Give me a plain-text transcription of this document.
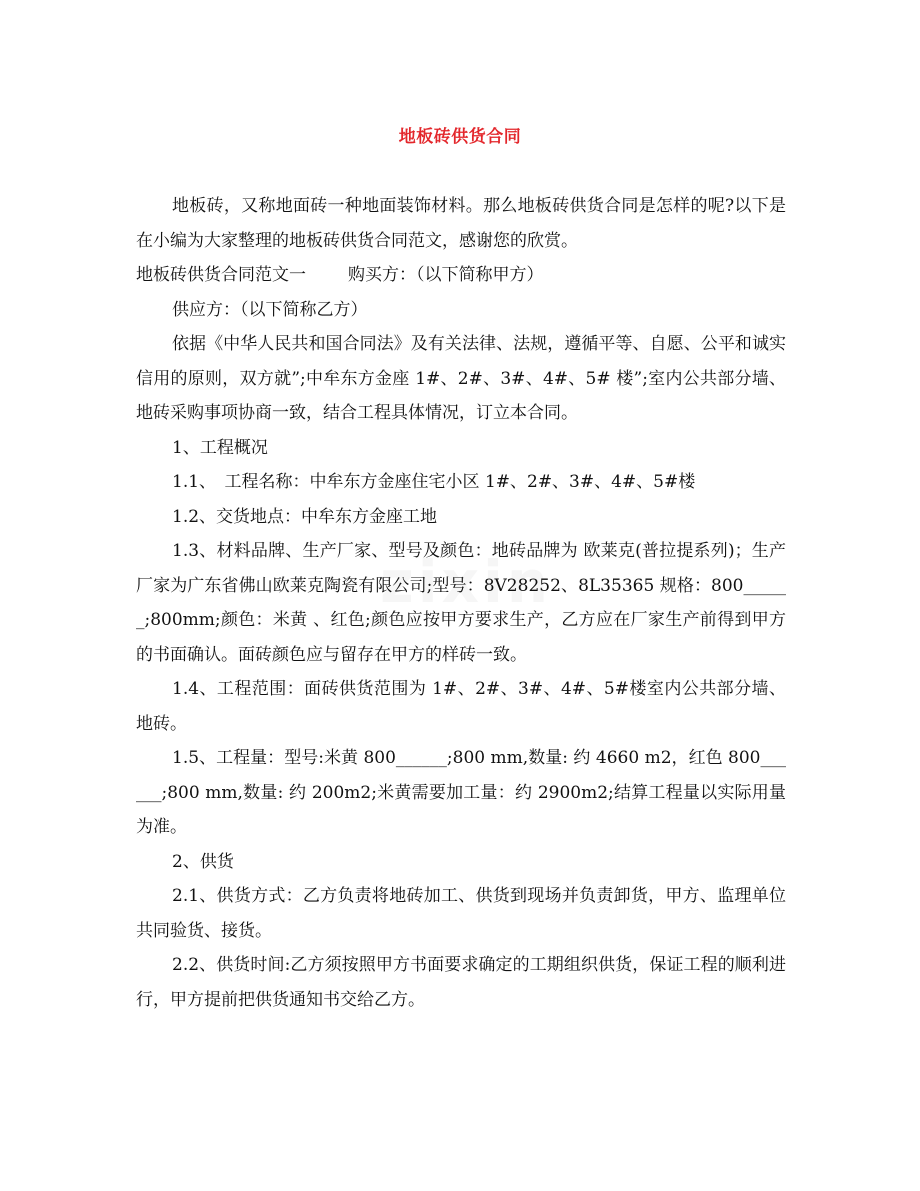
zixin
地板砖供货合同

地板砖，又称地面砖一种地面装饰材料。那么地板砖供货合同是怎样的呢?以下是在小编为大家整理的地板砖供货合同范文，感谢您的欣赏。

地板砖供货合同范文一 购买方：（以下简称甲方）

供应方：（以下简称乙方）

依据《中华人民共和国合同法》及有关法律、法规，遵循平等、自愿、公平和诚实信用的原则，双方就”;中牟东方金座 1#、2#、3#、4#、5# 楼”;室内公共部分墙、地砖采购事项协商一致，结合工程具体情况，订立本合同。

1、工程概况

1.1、　工程名称：中牟东方金座住宅小区 1#、2#、3#、4#、5#楼

1.2、交货地点：中牟东方金座工地

1.3、材料品牌、生产厂家、型号及颜色：地砖品牌为 欧莱克(普拉提系列)；生产厂家为广东省佛山欧莱克陶瓷有限公司;型号：8V28252、8L35365 规格：800______;800mm;颜色：米黄 、红色;颜色应按甲方要求生产，乙方应在厂家生产前得到甲方的书面确认。面砖颜色应与留存在甲方的样砖一致。

1.4、工程范围：面砖供货范围为 1#、2#、3#、4#、5#楼室内公共部分墙、地砖。

1.5、工程量：型号:米黄 800______;800 mm,数量: 约 4660 m2，红色 800______;800 mm,数量: 约 200m2;米黄需要加工量：约 2900m2;结算工程量以实际用量为准。

2、供货

2.1、供货方式：乙方负责将地砖加工、供货到现场并负责卸货，甲方、监理单位共同验货、接货。

2.2、供货时间:乙方须按照甲方书面要求确定的工期组织供货，保证工程的顺利进行，甲方提前把供货通知书交给乙方。
